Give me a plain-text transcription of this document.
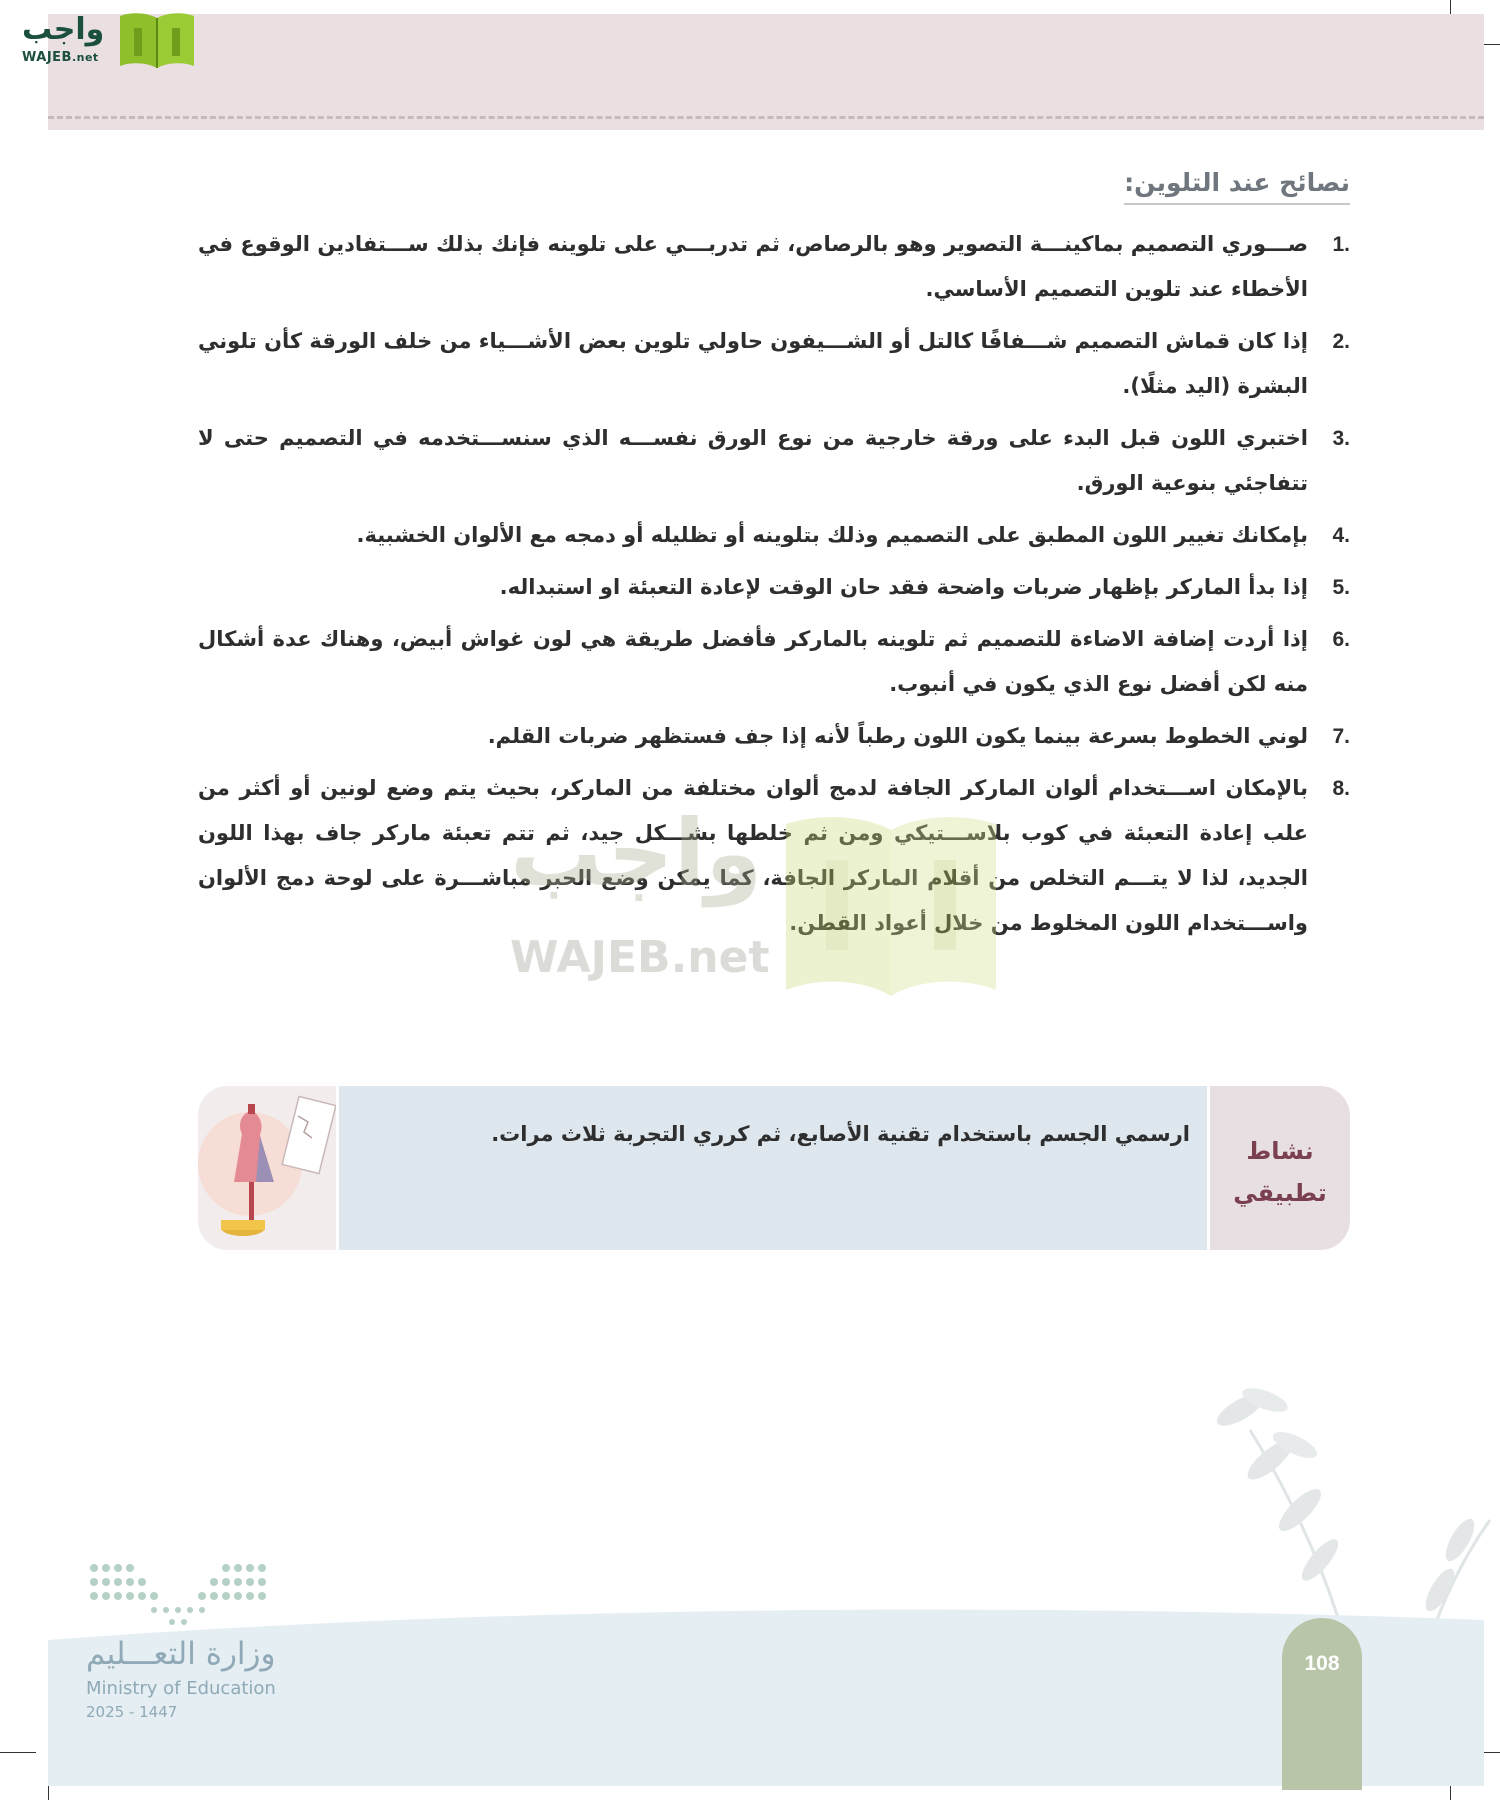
واجب
WAJEB.net
نصائح عند التلوين:
1.
صـــوري التصميم بماكينـــة التصوير وهو بالرصاص، ثم تدربـــي على تلوينه فإنك بذلك ســـتفادين الوقوع في الأخطاء عند تلوين التصميم الأساسي.
2.
إذا كان قماش التصميم شـــفافًا كالتل أو الشـــيفون حاولي تلوين بعض الأشـــياء من خلف الورقة كأن تلوني البشرة (اليد مثلًا).
3.
اختبري اللون قبل البدء على ورقة خارجية من نوع الورق نفســـه الذي سنســـتخدمه في التصميم حتى لا تتفاجئي بنوعية الورق.
4.
بإمكانك تغيير اللون المطبق على التصميم وذلك بتلوينه أو تظليله أو دمجه مع الألوان الخشبية.
5.
إذا بدأ الماركر بإظهار ضربات واضحة فقد حان الوقت لإعادة التعبئة او استبداله.
6.
إذا أردت إضافة الاضاءة للتصميم ثم تلوينه بالماركر فأفضل طريقة هي لون غواش أبيض، وهناك عدة أشكال منه لكن أفضل نوع الذي يكون في أنبوب.
7.
لوني الخطوط بسرعة بينما يكون اللون رطباً لأنه إذا جف فستظهر ضربات القلم.
8.
بالإمكان اســـتخدام ألوان الماركر الجافة لدمج ألوان مختلفة من الماركر، بحيث يتم وضع لونين أو أكثر من علب إعادة التعبئة في كوب بلاســـتيكي ومن ثم خلطها بشـــكل جيد، ثم تتم تعبئة ماركر جاف بهذا اللون الجديد، لذا لا يتـــم التخلص من أقلام الماركر الجافة، كما يمكن وضع الحبر مباشـــرة على لوحة دمج الألوان واســـتخدام اللون المخلوط من خلال أعواد القطن.
واجب
WAJEB.net
نشاط
تطبيقي
ارسمي الجسم باستخدام تقنية الأصابع، ثم كرري التجربة ثلاث مرات.
وزارة التعـــليم
Ministry of Education
2025 - 1447
108
